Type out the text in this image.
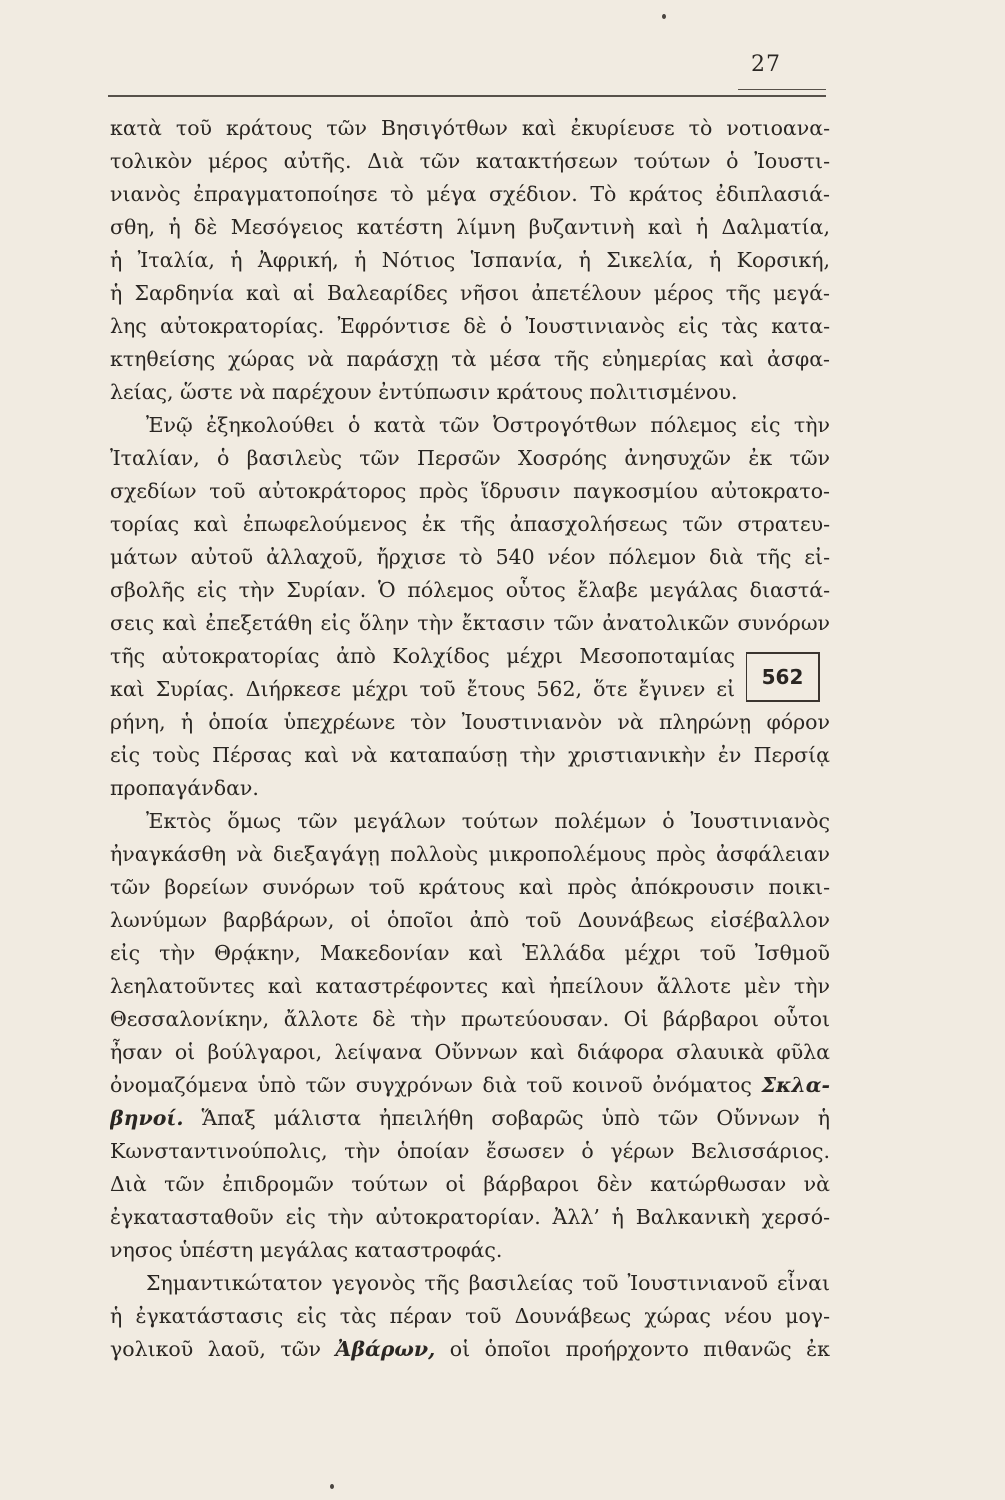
27
κατὰ τοῦ κράτους τῶν Βησιγότθων καὶ ἐκυρίευσε τὸ νοτιοανα-
τολικὸν μέρος αὐτῆς. Διὰ τῶν κατακτήσεων τούτων ὁ Ἰουστι-
νιανὸς ἐπραγματοποίησε τὸ μέγα σχέδιον. Τὸ κράτος ἐδιπλασιά-
σθη, ἡ δὲ Μεσόγειος κατέστη λίμνη βυζαντινὴ καὶ ἡ Δαλματία,
ἡ Ἰταλία, ἡ Ἀφρική, ἡ Νότιος Ἱσπανία, ἡ Σικελία, ἡ Κορσική,
ἡ Σαρδηνία καὶ αἱ Βαλεαρίδες νῆσοι ἀπετέλουν μέρος τῆς μεγά-
λης αὐτοκρατορίας. Ἐφρόντισε δὲ ὁ Ἰουστινιανὸς εἰς τὰς κατα-
κτηθείσης χώρας νὰ παράσχῃ τὰ μέσα τῆς εὐημερίας καὶ ἀσφα-
λείας, ὥστε νὰ παρέχουν ἐντύπωσιν κράτους πολιτισμένου.
Ἐνῷ ἐξηκολούθει ὁ κατὰ τῶν Ὀστρογότθων πόλεμος εἰς τὴν
Ἰταλίαν, ὁ βασιλεὺς τῶν Περσῶν Χοσρόης ἀνησυχῶν ἐκ τῶν
σχεδίων τοῦ αὐτοκράτορος πρὸς ἵδρυσιν παγκοσμίου αὐτοκρατο-
τορίας καὶ ἐπωφελούμενος ἐκ τῆς ἀπασχολήσεως τῶν στρατευ-
μάτων αὐτοῦ ἀλλαχοῦ, ἤρχισε τὸ 540 νέον πόλεμον διὰ τῆς εἰ-
σβολῆς εἰς τὴν Συρίαν. Ὁ πόλεμος οὗτος ἔλαβε μεγάλας διαστά-
σεις καὶ ἐπεξετάθη εἰς ὅλην τὴν ἔκτασιν τῶν ἀνατολικῶν συνόρων
τῆς αὐτοκρατορίας ἀπὸ Κολχίδος μέχρι Μεσοποταμίας
καὶ Συρίας. Διήρκεσε μέχρι τοῦ ἔτους 562, ὅτε ἔγινεν εἰ
ρήνη, ἡ ὁποία ὑπεχρέωνε τὸν Ἰουστινιανὸν νὰ πληρώνῃ φόρον
εἰς τοὺς Πέρσας καὶ νὰ καταπαύσῃ τὴν χριστιανικὴν ἐν Περσίᾳ
προπαγάνδαν.
Ἐκτὸς ὅμως τῶν μεγάλων τούτων πολέμων ὁ Ἰουστινιανὸς
ἠναγκάσθη νὰ διεξαγάγῃ πολλοὺς μικροπολέμους πρὸς ἀσφάλειαν
τῶν βορείων συνόρων τοῦ κράτους καὶ πρὸς ἀπόκρουσιν ποικι-
λωνύμων βαρβάρων, οἱ ὁποῖοι ἀπὸ τοῦ Δουνάβεως εἰσέβαλλον
εἰς τὴν Θρᾴκην, Μακεδονίαν καὶ Ἑλλάδα μέχρι τοῦ Ἰσθμοῦ
λεηλατοῦντες καὶ καταστρέφοντες καὶ ἠπείλουν ἄλλοτε μὲν τὴν
Θεσσαλονίκην, ἄλλοτε δὲ τὴν πρωτεύουσαν. Οἱ βάρβαροι οὗτοι
ἦσαν οἱ βούλγαροι, λείψανα Οὔννων καὶ διάφορα σλαυικὰ φῦλα
ὀνομαζόμενα ὑπὸ τῶν συγχρόνων διὰ τοῦ κοινοῦ ὀνόματος Σκλα-
βηνοί. Ἅπαξ μάλιστα ἠπειλήθη σοβαρῶς ὑπὸ τῶν Οὔννων ἡ
Κωνσταντινούπολις, τὴν ὁποίαν ἔσωσεν ὁ γέρων Βελισσάριος.
Διὰ τῶν ἐπιδρομῶν τούτων οἱ βάρβαροι δὲν κατώρθωσαν νὰ
ἐγκατασταθοῦν εἰς τὴν αὐτοκρατορίαν. Ἀλλ’ ἡ Βαλκανικὴ χερσό-
νησος ὑπέστη μεγάλας καταστροφάς.
Σημαντικώτατον γεγονὸς τῆς βασιλείας τοῦ Ἰουστινιανοῦ εἶναι
ἡ ἐγκατάστασις εἰς τὰς πέραν τοῦ Δουνάβεως χώρας νέου μογ-
γολικοῦ λαοῦ, τῶν Ἀβάρων, οἱ ὁποῖοι προήρχοντο πιθανῶς ἐκ
562
